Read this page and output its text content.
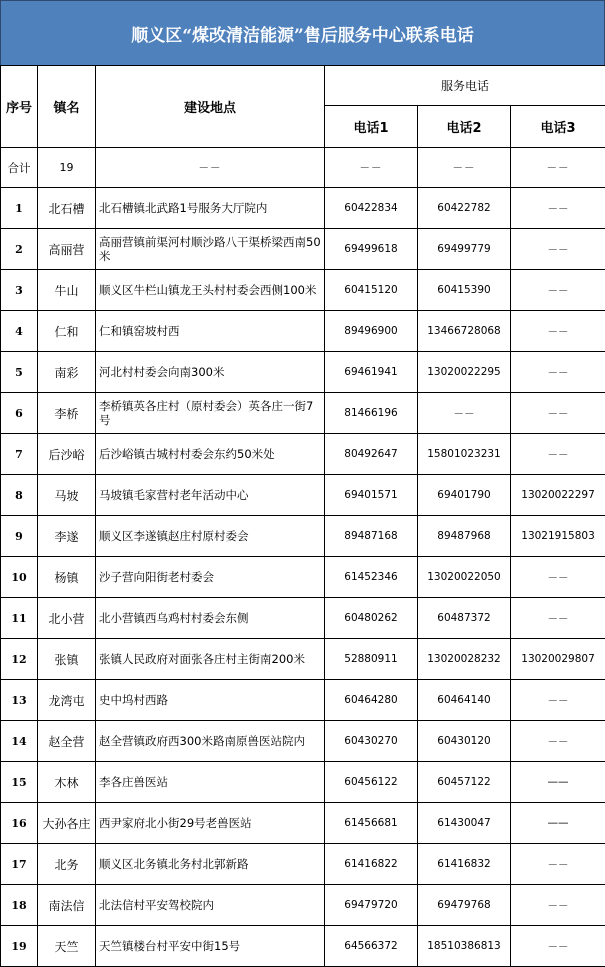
顺义区“煤改清洁能源”售后服务中心联系电话
序号	镇名	建设地点	服务电话		
			电话1	电话2	电话3
合计	19	－－	－－	－－	－－
1	北石槽	北石槽镇北武路1号服务大厅院内	60422834	60422782	－－
2	高丽营	高丽营镇前渠河村顺沙路八干渠桥梁西南50米	69499618	69499779	－－
3	牛山	顺义区牛栏山镇龙王头村村委会西侧100米	60415120	60415390	－－
4	仁和	仁和镇窑坡村西	89496900	13466728068	－－
5	南彩	河北村村委会向南300米	69461941	13020022295	－－
6	李桥	李桥镇英各庄村（原村委会）英各庄一街7号	81466196	－－	－－
7	后沙峪	后沙峪镇古城村村委会东约50米处	80492647	15801023231	－－
8	马坡	马坡镇毛家营村老年活动中心	69401571	69401790	13020022297
9	李遂	顺义区李遂镇赵庄村原村委会	89487168	89487968	13021915803
10	杨镇	沙子营向阳街老村委会	61452346	13020022050	－－
11	北小营	北小营镇西乌鸡村村委会东侧	60480262	60487372	－－
12	张镇	张镇人民政府对面张各庄村主街南200米	52880911	13020028232	13020029807
13	龙湾屯	史中坞村西路	60464280	60464140	－－
14	赵全营	赵全营镇政府西300米路南原兽医站院内	60430270	60430120	－－
15	木林	李各庄兽医站	60456122	60457122	——
16	大孙各庄	西尹家府北小街29号老兽医站	61456681	61430047	——
17	北务	顺义区北务镇北务村北郭新路	61416822	61416832	－－
18	南法信	北法信村平安驾校院内	69479720	69479768	－－
19	天竺	天竺镇楼台村平安中街15号	64566372	18510386813	－－
